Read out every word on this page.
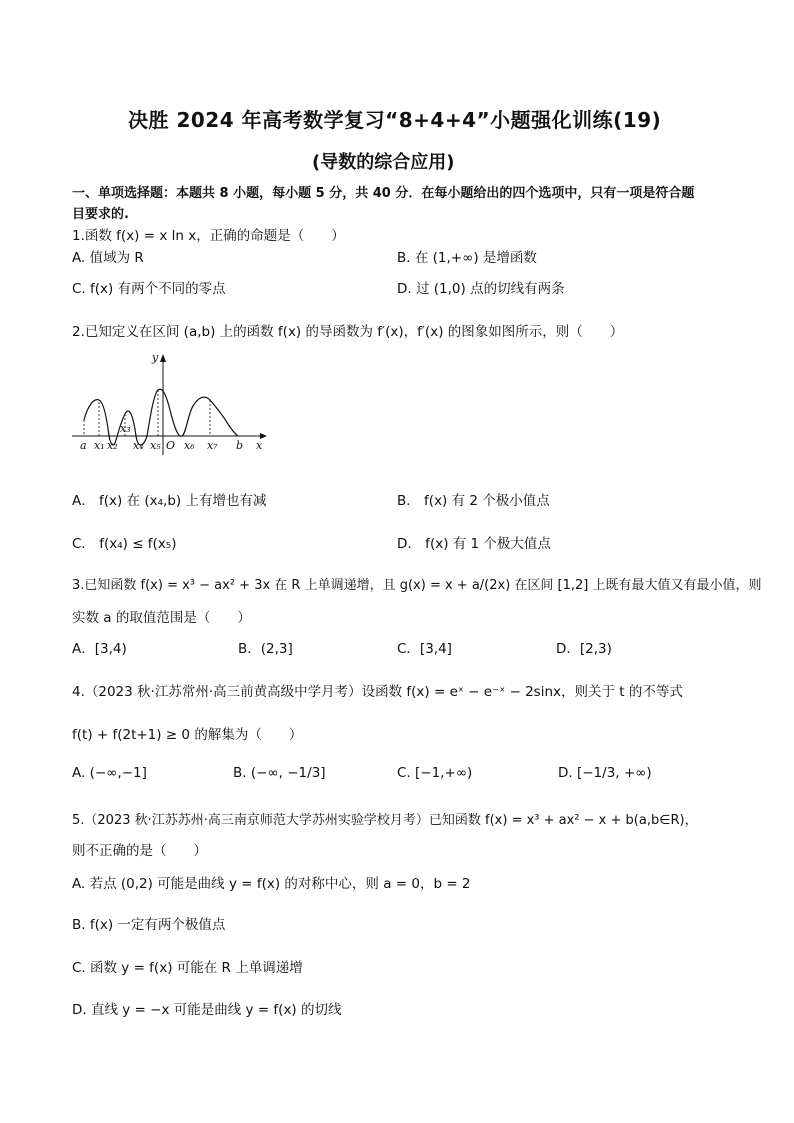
决胜 2024 年高考数学复习“8+4+4”小题强化训练(19)
(导数的综合应用)
一、单项选择题：本题共 8 小题，每小题 5 分，共 40 分．在每小题给出的四个选项中，只有一项是符合题
目要求的.
1.函数 f(x) = x ln x，正确的命题是（　　）
A. 值域为 R	B. 在 (1,+∞) 是增函数
C. f(x) 有两个不同的零点	D. 过 (1,0) 点的切线有两条
2.已知定义在区间 (a,b) 上的函数 f(x) 的导函数为 f′(x)，f′(x) 的图象如图所示，则（　　）
y
x
a x₁ x₂
x₃
x₄ x₅ O x₆ x₇ b
A． f(x) 在 (x₄,b) 上有增也有减	B． f(x) 有 2 个极小值点
C． f(x₄) ≤ f(x₅)	D． f(x) 有 1 个极大值点
3.已知函数 f(x) = x³ − ax² + 3x 在 R 上单调递增，且 g(x) = x + a/(2x) 在区间 [1,2] 上既有最大值又有最小值，则
实数 a 的取值范围是（　　）
A．[3,4)	B．(2,3]	C．[3,4]	D．[2,3)
4.（2023 秋·江苏常州·高三前黄高级中学月考）设函数 f(x) = eˣ − e⁻ˣ − 2sinx，则关于 t 的不等式
f(t) + f(2t+1) ≥ 0 的解集为（　　）
A. (−∞,−1]	B. (−∞, −1/3]	C. [−1,+∞)	D. [−1/3, +∞)
5.（2023 秋·江苏苏州·高三南京师范大学苏州实验学校月考）已知函数 f(x) = x³ + ax² − x + b(a,b∈R)，
则不正确的是（　　）
A. 若点 (0,2) 可能是曲线 y = f(x) 的对称中心，则 a = 0，b = 2
B. f(x) 一定有两个极值点
C. 函数 y = f(x) 可能在 R 上单调递增
D. 直线 y = −x 可能是曲线 y = f(x) 的切线
